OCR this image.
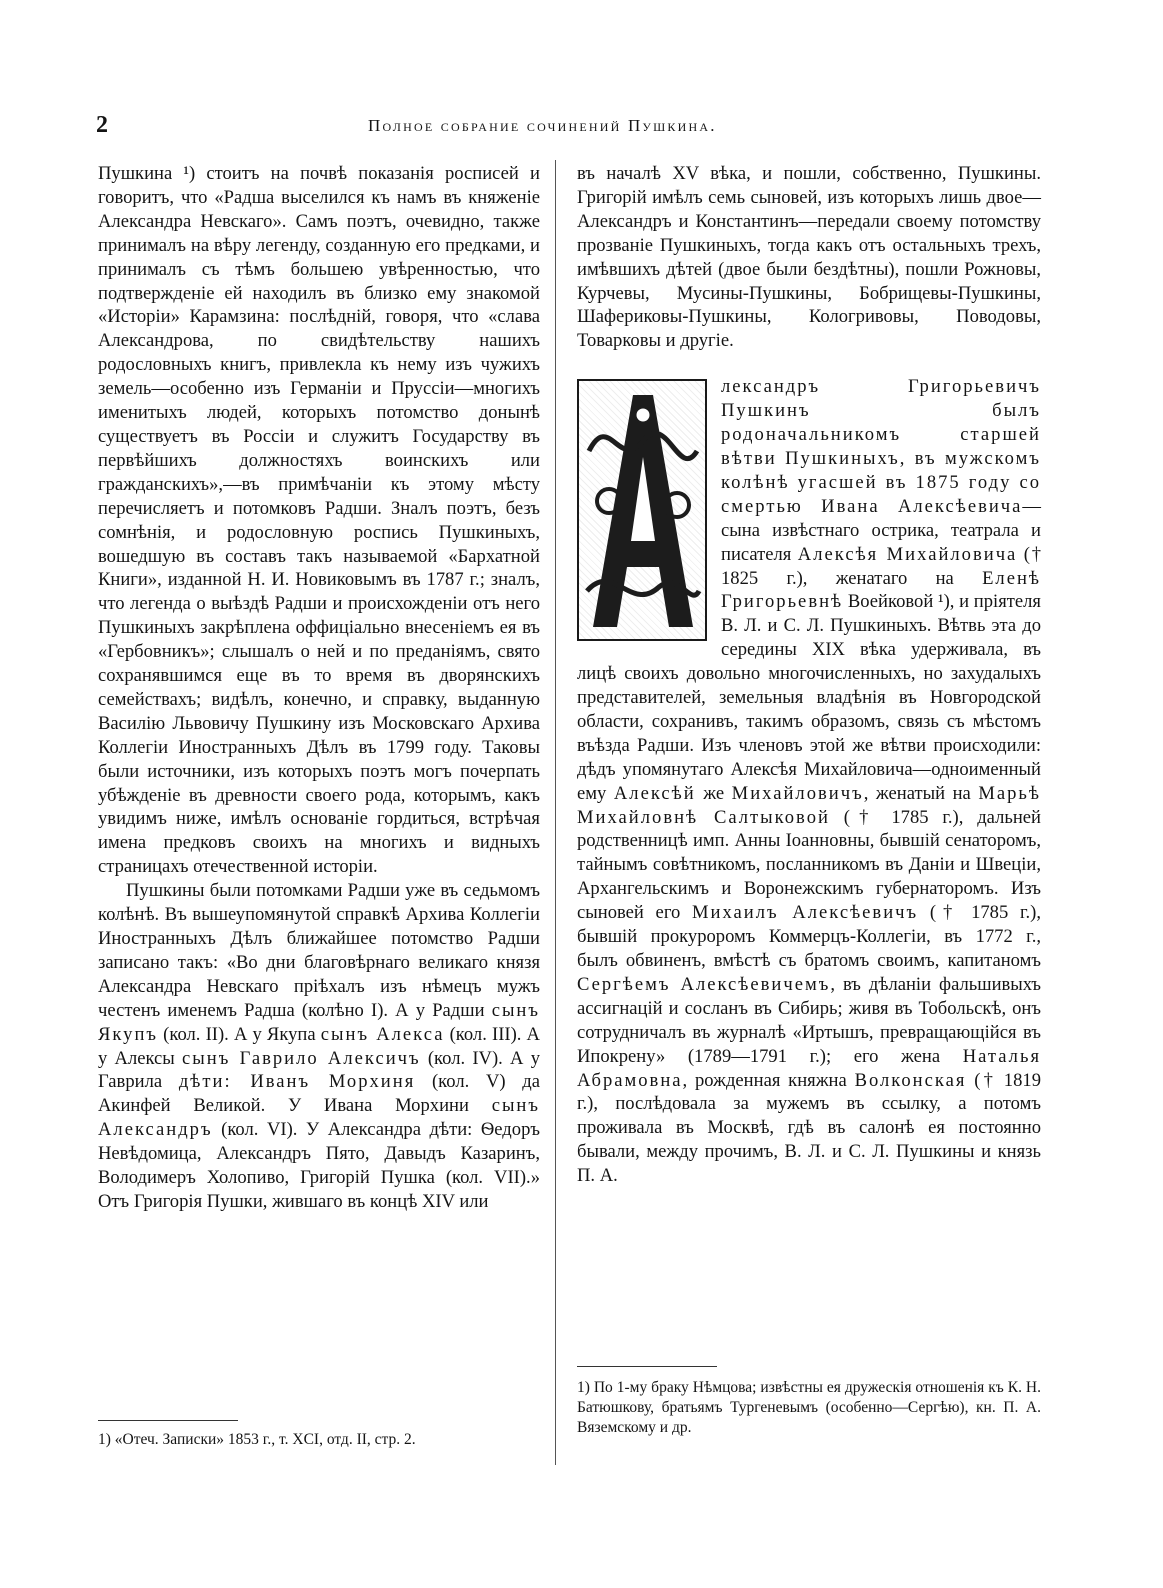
2	Полное собрание сочинений Пушкина.

Пушкина ¹) стоитъ на почвѣ показанія росписей и говоритъ, что «Радша выселился къ намъ въ княженіе Александра Невскаго». Самъ поэтъ, очевидно, также принималъ на вѣру легенду, созданную его предками, и принималъ съ тѣмъ большею увѣренностью, что подтвержденіе ей находилъ въ близко ему знакомой «Исторіи» Карамзина: послѣдній, говоря, что «слава Александрова, по свидѣтельству нашихъ родословныхъ книгъ, привлекла къ нему изъ чужихъ земель—особенно изъ Германіи и Пруссіи—многихъ именитыхъ людей, которыхъ потомство донынѣ существуетъ въ Россіи и служитъ Государству въ первѣйшихъ должностяхъ воинскихъ или гражданскихъ»,—въ примѣчаніи къ этому мѣсту перечисляетъ и потомковъ Радши. Зналъ поэтъ, безъ сомнѣнія, и родословную роспись Пушкиныхъ, вошедшую въ составъ такъ называемой «Бархатной Книги», изданной Н. И. Новиковымъ въ 1787 г.; зналъ, что легенда о выѣздѣ Радши и происхожденіи отъ него Пушкиныхъ закрѣплена оффиціально внесеніемъ ея въ «Гербовникъ»; слышалъ о ней и по преданіямъ, свято сохранявшимся еще въ то время въ дворянскихъ семействахъ; видѣлъ, конечно, и справку, выданную Василію Львовичу Пушкину изъ Московскаго Архива Коллегіи Иностранныхъ Дѣлъ въ 1799 году. Таковы были источники, изъ которыхъ поэтъ могъ почерпать убѣжденіе въ древности своего рода, которымъ, какъ увидимъ ниже, имѣлъ основаніе гордиться, встрѣчая имена предковъ своихъ на многихъ и видныхъ страницахъ отечественной исторіи.

Пушкины были потомками Радши уже въ седьмомъ колѣнѣ. Въ вышеупомянутой справкѣ Архива Коллегіи Иностранныхъ Дѣлъ ближайшее потомство Радши записано такъ: «Во дни благовѣрнаго великаго князя Александра Невскаго пріѣхалъ изъ нѣмецъ мужъ честенъ именемъ Радша (колѣно I). А у Радши сынъ Якупъ (кол. II). А у Якупа сынъ Алекса (кол. III). А у Алексы сынъ Гаврило Алексичъ (кол. IV). А у Гаврила дѣти: Иванъ Морхиня (кол. V) да Акинфей Великой. У Ивана Морхини сынъ Александръ (кол. VI). У Александра дѣти: Ѳедоръ Невѣдомица, Александръ Пято, Давыдъ Казаринъ, Володимеръ Холопиво, Григорій Пушка (кол. VII).» Отъ Григорія Пушки, жившаго въ концѣ XIV или

въ началѣ XV вѣка, и пошли, собственно, Пушкины. Григорій имѣлъ семь сыновей, изъ которыхъ лишь двое—Александръ и Константинъ—передали своему потомству прозваніе Пушкиныхъ, тогда какъ отъ остальныхъ трехъ, имѣвшихъ дѣтей (двое были бездѣтны), пошли Рожновы, Курчевы, Мусины-Пушкины, Бобрищевы-Пушкины, Шафериковы-Пушкины, Кологривовы, Поводовы, Товарковы и другіе.

лександръ Григорьевичъ Пушкинъ былъ родоначальникомъ старшей вѣтви Пушкиныхъ, въ мужскомъ колѣнѣ угасшей въ 1875 году со смертью Ивана Алексѣевича—сына извѣстнаго острика, театрала и писателя Алексѣя Михайловича († 1825 г.), женатаго на Еленѣ Григорьевнѣ Воейковой ¹), и пріятеля В. Л. и С. Л. Пушкиныхъ. Вѣтвь эта до середины XIX вѣка удерживала, въ лицѣ своихъ довольно многочисленныхъ, но захудалыхъ представителей, земельныя владѣнія въ Новгородской области, сохранивъ, такимъ образомъ, связь съ мѣстомъ въѣзда Радши. Изъ членовъ этой же вѣтви происходили: дѣдъ упомянутаго Алексѣя Михайловича—одноименный ему Алексѣй же Михайловичъ, женатый на Марьѣ Михайловнѣ Салтыковой († 1785 г.), дальней родственницѣ имп. Анны Іоанновны, бывшій сенаторомъ, тайнымъ совѣтникомъ, посланникомъ въ Даніи и Швеціи, Архангельскимъ и Воронежскимъ губернаторомъ. Изъ сыновей его Михаилъ Алексѣевичъ († 1785 г.), бывшій прокуроромъ Коммерцъ-Коллегіи, въ 1772 г., былъ обвиненъ, вмѣстѣ съ братомъ своимъ, капитаномъ Сергѣемъ Алексѣевичемъ, въ дѣланіи фальшивыхъ ассигнацій и сосланъ въ Сибирь; живя въ Тобольскѣ, онъ сотрудничалъ въ журналѣ «Иртышъ, превращающійся въ Ипокрену» (1789—1791 г.); его жена Наталья Абрамовна, рожденная княжна Волконская († 1819 г.), послѣдовала за мужемъ въ ссылку, а потомъ проживала въ Москвѣ, гдѣ въ салонѣ ея постоянно бывали, между прочимъ, В. Л. и С. Л. Пушкины и князь П. А.

1) «Отеч. Записки» 1853 г., т. XCI, отд. II, стр. 2.
1) По 1-му браку Нѣмцова; извѣстны ея дружескія отношенія къ К. Н. Батюшкову, братьямъ Тургеневымъ (особенно—Сергѣю), кн. П. А. Вяземскому и др.
